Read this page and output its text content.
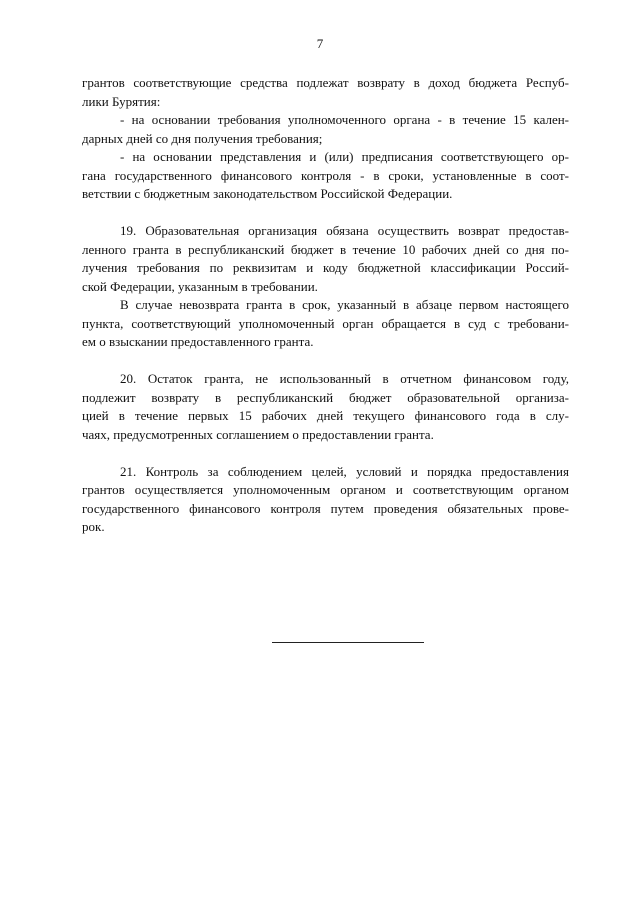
7
грантов соответствующие средства подлежат возврату в доход бюджета Респуб-
лики Бурятия:
- на основании требования уполномоченного органа - в течение 15 кален-
дарных дней со дня получения требования;
- на основании представления и (или) предписания соответствующего ор-
гана государственного финансового контроля - в сроки, установленные в соот-
ветствии с бюджетным законодательством Российской Федерации.
19. Образовательная организация обязана осуществить возврат предостав-
ленного гранта в республиканский бюджет в течение 10 рабочих дней со дня по-
лучения требования по реквизитам и коду бюджетной классификации Россий-
ской Федерации, указанным в требовании.
В случае невозврата гранта в срок, указанный в абзаце первом настоящего
пункта, соответствующий уполномоченный орган обращается в суд с требовани-
ем о взыскании предоставленного гранта.
20. Остаток гранта, не использованный в отчетном финансовом году,
подлежит возврату в республиканский бюджет образовательной организа-
цией в течение первых 15 рабочих дней текущего финансового года в слу-
чаях, предусмотренных соглашением о предоставлении гранта.
21. Контроль за соблюдением целей, условий и порядка предоставления
грантов осуществляется уполномоченным органом и соответствующим органом
государственного финансового контроля путем проведения обязательных прове-
рок.
